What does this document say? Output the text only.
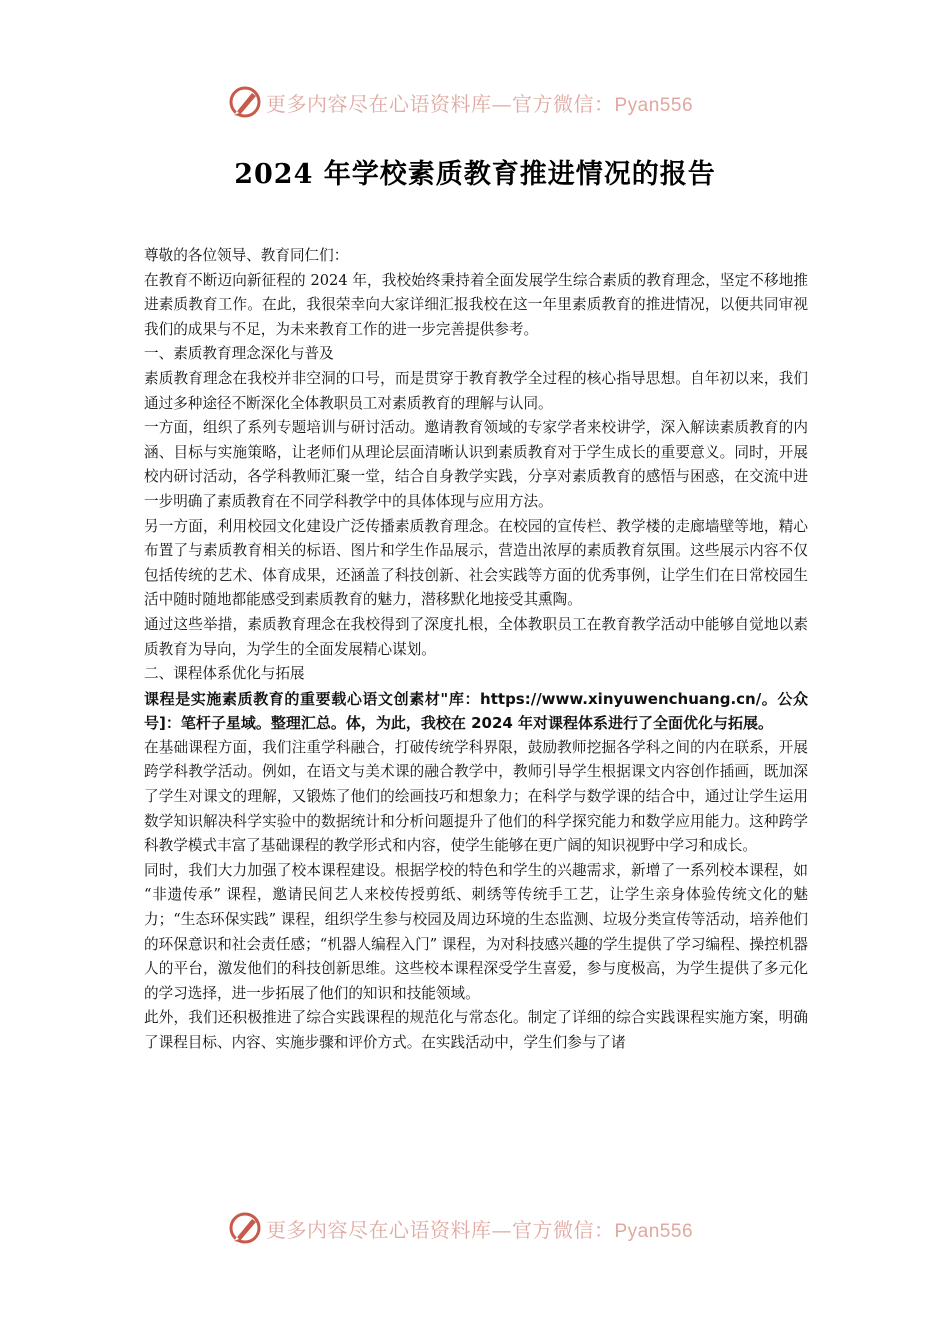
更多内容尽在心语资料库—官方微信：Pyan556
2024 年学校素质教育推进情况的报告

尊敬的各位领导、教育同仁们：

在教育不断迈向新征程的 2024 年，我校始终秉持着全面发展学生综合素质的教育理念，坚定不移地推进素质教育工作。在此，我很荣幸向大家详细汇报我校在这一年里素质教育的推进情况，以便共同审视我们的成果与不足，为未来教育工作的进一步完善提供参考。

一、素质教育理念深化与普及

素质教育理念在我校并非空洞的口号，而是贯穿于教育教学全过程的核心指导思想。自年初以来，我们通过多种途径不断深化全体教职员工对素质教育的理解与认同。

一方面，组织了系列专题培训与研讨活动。邀请教育领域的专家学者来校讲学，深入解读素质教育的内涵、目标与实施策略，让老师们从理论层面清晰认识到素质教育对于学生成长的重要意义。同时，开展校内研讨活动，各学科教师汇聚一堂，结合自身教学实践，分享对素质教育的感悟与困惑，在交流中进一步明确了素质教育在不同学科教学中的具体体现与应用方法。

另一方面，利用校园文化建设广泛传播素质教育理念。在校园的宣传栏、教学楼的走廊墙壁等地，精心布置了与素质教育相关的标语、图片和学生作品展示，营造出浓厚的素质教育氛围。这些展示内容不仅包括传统的艺术、体育成果，还涵盖了科技创新、社会实践等方面的优秀事例，让学生们在日常校园生活中随时随地都能感受到素质教育的魅力，潜移默化地接受其熏陶。

通过这些举措，素质教育理念在我校得到了深度扎根，全体教职员工在教育教学活动中能够自觉地以素质教育为导向，为学生的全面发展精心谋划。

二、课程体系优化与拓展

课程是实施素质教育的重要载心语文创素材"库：https://www.xinyuwenchuang.cn/。公众号]：笔杆子星域。整理汇总。体，为此，我校在 2024 年对课程体系进行了全面优化与拓展。

在基础课程方面，我们注重学科融合，打破传统学科界限，鼓励教师挖掘各学科之间的内在联系，开展跨学科教学活动。例如，在语文与美术课的融合教学中，教师引导学生根据课文内容创作插画，既加深了学生对课文的理解，又锻炼了他们的绘画技巧和想象力；在科学与数学课的结合中，通过让学生运用数学知识解决科学实验中的数据统计和分析问题提升了他们的科学探究能力和数学应用能力。这种跨学科教学模式丰富了基础课程的教学形式和内容，使学生能够在更广阔的知识视野中学习和成长。

同时，我们大力加强了校本课程建设。根据学校的特色和学生的兴趣需求，新增了一系列校本课程，如 “非遗传承” 课程，邀请民间艺人来校传授剪纸、刺绣等传统手工艺，让学生亲身体验传统文化的魅力；“生态环保实践” 课程，组织学生参与校园及周边环境的生态监测、垃圾分类宣传等活动，培养他们的环保意识和社会责任感；“机器人编程入门” 课程，为对科技感兴趣的学生提供了学习编程、操控机器人的平台，激发他们的科技创新思维。这些校本课程深受学生喜爱，参与度极高，为学生提供了多元化的学习选择，进一步拓展了他们的知识和技能领域。

此外，我们还积极推进了综合实践课程的规范化与常态化。制定了详细的综合实践课程实施方案，明确了课程目标、内容、实施步骤和评价方式。在实践活动中，学生们参与了诸

更多内容尽在心语资料库—官方微信：Pyan556
